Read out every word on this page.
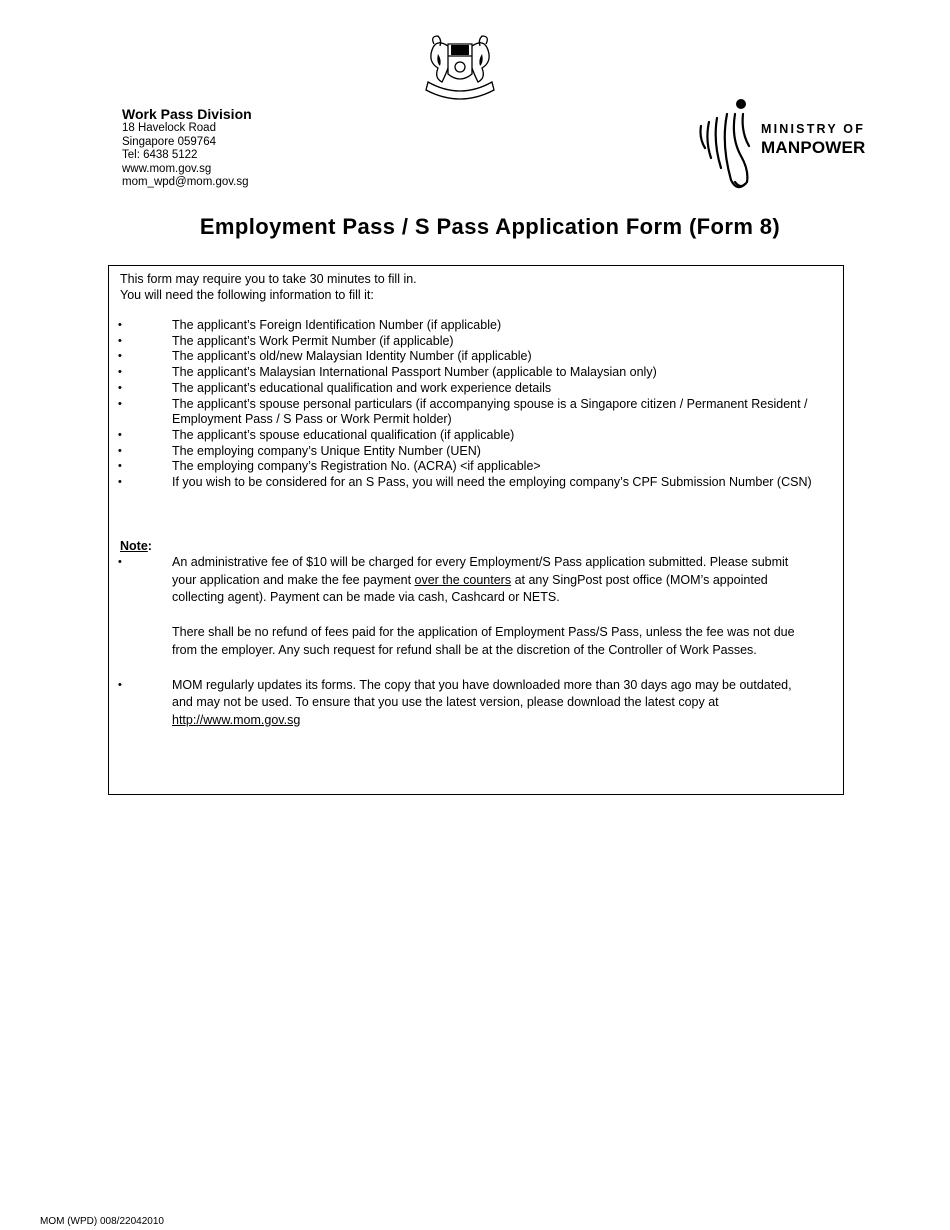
Work Pass Division
18 Havelock Road
Singapore 059764
Tel: 6438 5122
www.mom.gov.sg
mom_wpd@mom.gov.sg
MINISTRY OF
MANPOWER
Employment Pass / S Pass Application Form (Form 8)
This form may require you to take 30 minutes to fill in.
You will need the following information to fill it:
•	The applicant’s Foreign Identification Number (if applicable)
•	The applicant’s Work Permit Number (if applicable)
•	The applicant’s old/new Malaysian Identity Number (if applicable)
•	The applicant’s Malaysian International Passport Number (applicable to Malaysian only)
•	The applicant’s educational qualification and work experience details
•	The applicant’s spouse personal particulars (if accompanying spouse is a Singapore citizen / Permanent Resident / Employment Pass / S Pass or Work Permit holder)
•	The applicant’s spouse educational qualification (if applicable)
•	The employing company’s Unique Entity Number (UEN)
•	The employing company’s Registration No. (ACRA) <if applicable>
•	If you wish to be considered for an S Pass, you will need the employing company’s CPF Submission Number (CSN)
Note:
•	An administrative fee of $10 will be charged for every Employment/S Pass application submitted. Please submit your application and make the fee payment over the counters at any SingPost post office (MOM’s appointed collecting agent). Payment can be made via cash, Cashcard or NETS.

There shall be no refund of fees paid for the application of Employment Pass/S Pass, unless the fee was not due from the employer. Any such request for refund shall be at the discretion of the Controller of Work Passes.

•	MOM regularly updates its forms. The copy that you have downloaded more than 30 days ago may be outdated, and may not be used. To ensure that you use the latest version, please download the latest copy at http://www.mom.gov.sg

MOM (WPD) 008/22042010
